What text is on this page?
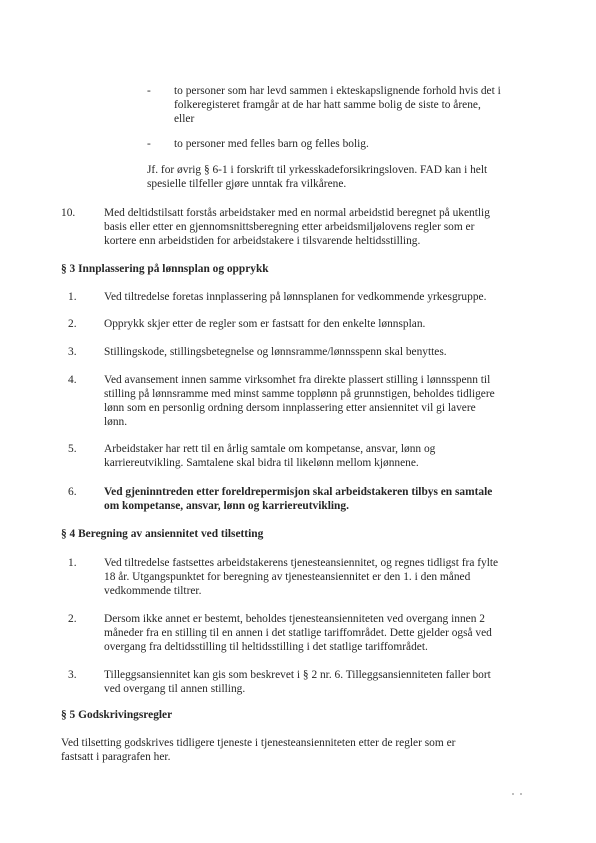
- to personer som har levd sammen i ekteskapslignende forhold hvis det i
folkeregisteret framgår at de har hatt samme bolig de siste to årene,
eller
- to personer med felles barn og felles bolig.
Jf. for øvrig § 6-1 i forskrift til yrkesskadeforsikringsloven. FAD kan i helt
spesielle tilfeller gjøre unntak fra vilkårene.
10.	Med deltidstilsatt forstås arbeidstaker med en normal arbeidstid beregnet på ukentlig
basis eller etter en gjennomsnittsberegning etter arbeidsmiljølovens regler som er
kortere enn arbeidstiden for arbeidstakere i tilsvarende heltidsstilling.
§ 3 Innplassering på lønnsplan og opprykk
1. Ved tiltredelse foretas innplassering på lønnsplanen for vedkommende yrkesgruppe.
2. Opprykk skjer etter de regler som er fastsatt for den enkelte lønnsplan.
3. Stillingskode, stillingsbetegnelse og lønnsramme/lønnsspenn skal benyttes.
4. Ved avansement innen samme virksomhet fra direkte plassert stilling i lønnsspenn til
stilling på lønnsramme med minst samme topplønn på grunnstigen, beholdes tidligere
lønn som en personlig ordning dersom innplassering etter ansiennitet vil gi lavere
lønn.
5. Arbeidstaker har rett til en årlig samtale om kompetanse, ansvar, lønn og
karriereutvikling. Samtalene skal bidra til likelønn mellom kjønnene.
6. Ved gjeninntreden etter foreldrepermisjon skal arbeidstakeren tilbys en samtale
om kompetanse, ansvar, lønn og karriereutvikling.
§ 4 Beregning av ansiennitet ved tilsetting
1. Ved tiltredelse fastsettes arbeidstakerens tjenesteansiennitet, og regnes tidligst fra fylte
18 år. Utgangspunktet for beregning av tjenesteansiennitet er den 1. i den måned
vedkommende tiltrer.
2. Dersom ikke annet er bestemt, beholdes tjenesteansienniteten ved overgang innen 2
måneder fra en stilling til en annen i det statlige tariffområdet. Dette gjelder også ved
overgang fra deltidsstilling til heltidsstilling i det statlige tariffområdet.
3. Tilleggsansiennitet kan gis som beskrevet i § 2 nr. 6. Tilleggsansienniteten faller bort
ved overgang til annen stilling.
§ 5 Godskrivingsregler
Ved tilsetting godskrives tidligere tjeneste i tjenesteansienniteten etter de regler som er
fastsatt i paragrafen her.
